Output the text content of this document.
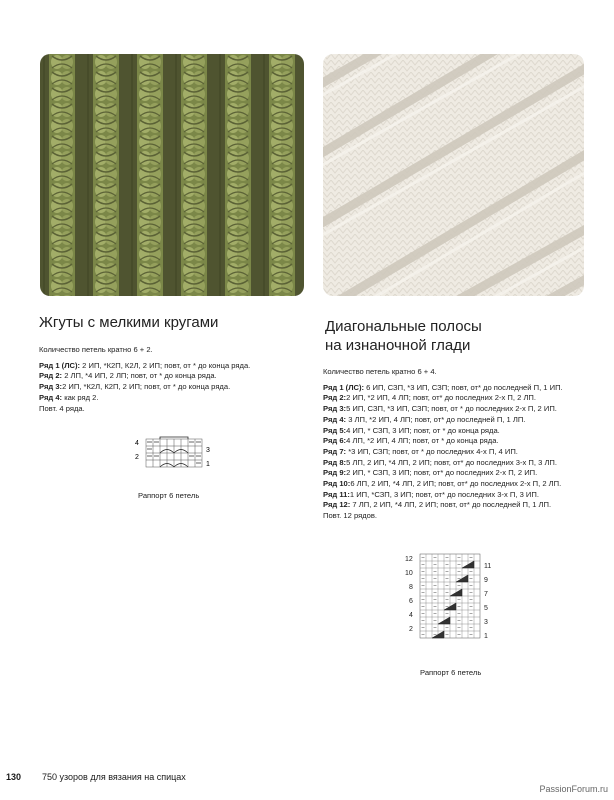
Жгуты с мелкими кругами	Диагональные полосы
на изнаночной глади
Количество петель кратно 6 + 2.
Ряд 1 (ЛС): 2 ИП, *К2П, К2Л, 2 ИП; повт, от * до конца ряда.
Ряд 2: 2 ЛП, *4 ИП, 2 ЛП; повт, от * до конца ряда.
Ряд 3:2 ИП, *К2Л, К2П, 2 ИП; повт, от * до конца ряда.
Ряд 4: как ряд 2.
Повт. 4 ряда.
Количество петель кратно 6 + 4.
Ряд 1 (ЛС): 6 ИП, СЗП, *3 ИП, СЗП; повт, от* до последней П, 1 ИП.
Ряд 2:2 ИП, *2 ИП, 4 ЛП; повт, от* до последних 2-х П, 2 ЛП.
Ряд 3:5 ИП, СЗП, *3 ИП, СЗП; повт, от * до последних 2-х П, 2 ИП.
Ряд 4: 3 ЛП, *2 ИП, 4 ЛП; повт, от* до последней П, 1 ЛП.
Ряд 5:4 ИП, * СЗП, 3 ИП; повт, от * до конца ряда.
Ряд 6:4 ЛП, *2 ИП, 4 ЛП; повт, от * до конца ряда.
Ряд 7: *3 ИП, СЗП; повт, от * до последних 4-х П, 4 ИП.
Ряд 8:5 ЛП, 2 ИП, *4 ЛП, 2 ИП; повт, от* до последних 3-х П, 3 ЛП.
Ряд 9:2 ИП, * СЗП, 3 ИП; повт, от* до последних 2-х П, 2 ИП.
Ряд 10:6 ЛП, 2 ИП, *4 ЛП, 2 ИП; повт, от* до последних 2-х П, 2 ЛП.
Ряд 11:1 ИП, *СЗП, 3 ИП; повт, от* до последних 3-х П, 3 ИП.
Ряд 12: 7 ЛП, 2 ИП, *4 ЛП, 2 ИП; повт, от* до последней П, 1 ЛП.
Повт. 12 рядов.
4
2
3
1
Раппорт 6 петель
12
10
8
6
4
2
11
9
7
5
3
1
Раппорт 6 петель
130 750 узоров для вязания на спицах
PassionForum.ru
